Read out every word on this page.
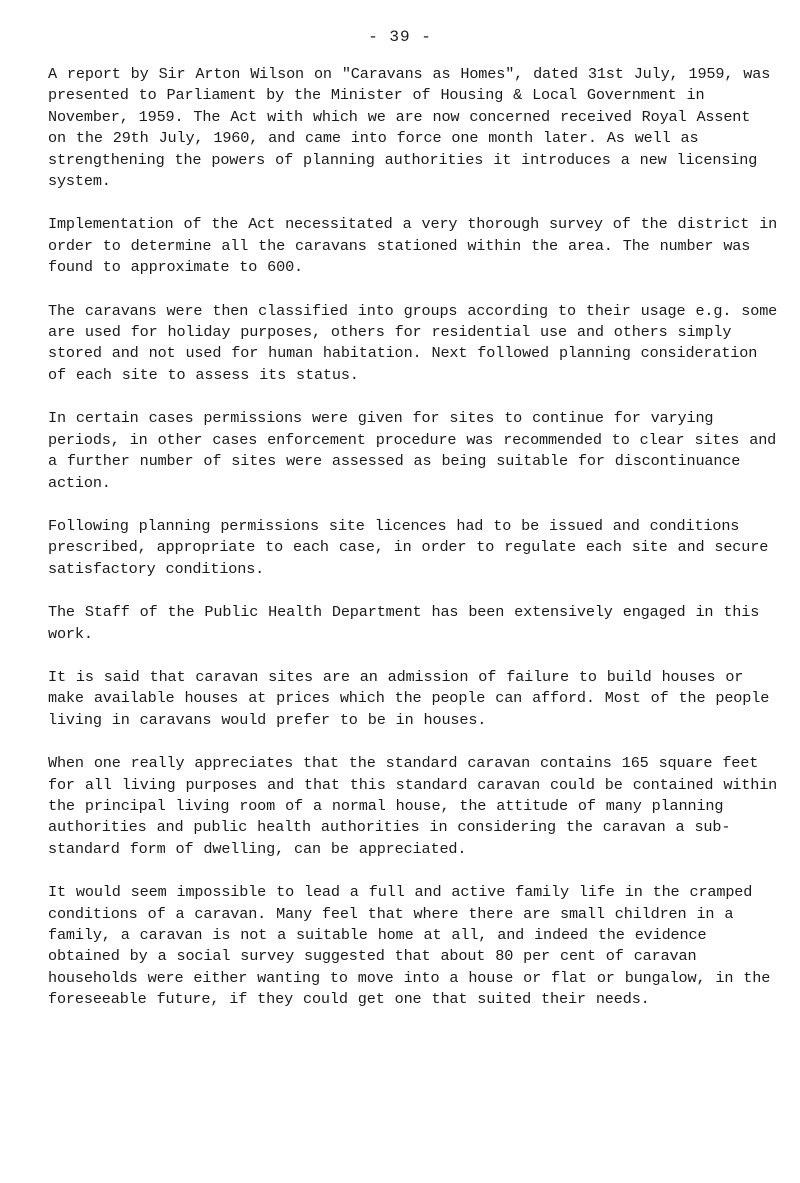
- 39 -

A report by Sir Arton Wilson on "Caravans as Homes", dated 31st July, 1959, was presented to Parliament by the Minister of Housing & Local Government in November, 1959. The Act with which we are now concerned received Royal Assent on the 29th July, 1960, and came into force one month later. As well as strengthening the powers of planning authorities it introduces a new licensing system.

Implementation of the Act necessitated a very thorough survey of the district in order to determine all the caravans stationed within the area. The number was found to approximate to 600.

The caravans were then classified into groups according to their usage e.g. some are used for holiday purposes, others for residential use and others simply stored and not used for human habitation. Next followed planning consideration of each site to assess its status.

In certain cases permissions were given for sites to continue for varying periods, in other cases enforcement procedure was recommended to clear sites and a further number of sites were assessed as being suitable for discontinuance action.

Following planning permissions site licences had to be issued and conditions prescribed, appropriate to each case, in order to regulate each site and secure satisfactory conditions.

The Staff of the Public Health Department has been extensively engaged in this work.

It is said that caravan sites are an admission of failure to build houses or make available houses at prices which the people can afford. Most of the people living in caravans would prefer to be in houses.

When one really appreciates that the standard caravan contains 165 square feet for all living purposes and that this standard caravan could be contained within the principal living room of a normal house, the attitude of many planning authorities and public health authorities in considering the caravan a sub-standard form of dwelling, can be appreciated.

It would seem impossible to lead a full and active family life in the cramped conditions of a caravan. Many feel that where there are small children in a family, a caravan is not a suitable home at all, and indeed the evidence obtained by a social survey suggested that about 80 per cent of caravan households were either wanting to move into a house or flat or bungalow, in the foreseeable future, if they could get one that suited their needs.
